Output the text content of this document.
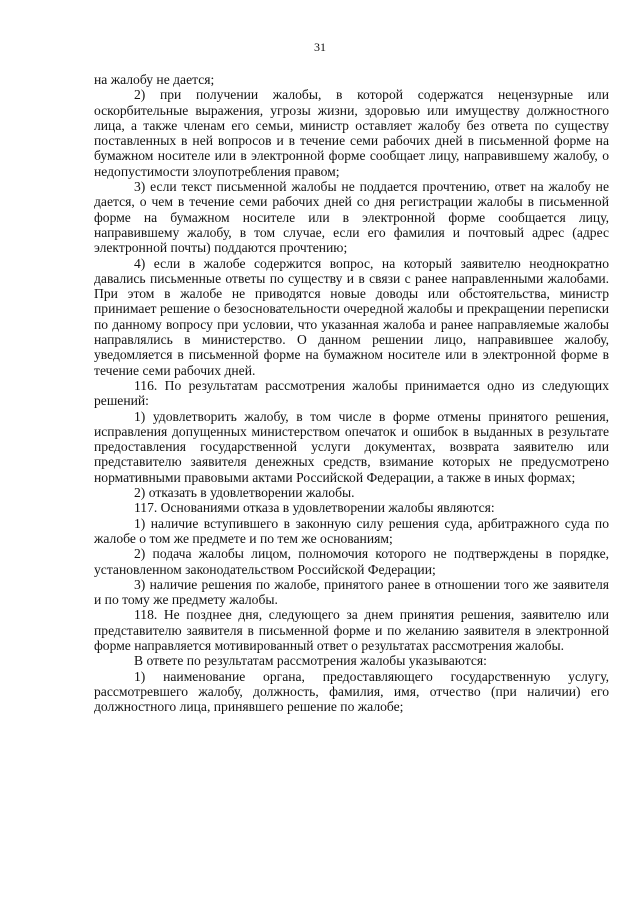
31

на жалобу не дается;

2) при получении жалобы, в которой содержатся нецензурные или оскорбительные выражения, угрозы жизни, здоровью или имуществу должностного лица, а также членам его семьи, министр оставляет жалобу без ответа по существу поставленных в ней вопросов и в течение семи рабочих дней в письменной форме на бумажном носителе или в электронной форме сообщает лицу, направившему жалобу, о недопустимости злоупотребления правом;

3) если текст письменной жалобы не поддается прочтению, ответ на жалобу не дается, о чем в течение семи рабочих дней со дня регистрации жалобы в письменной форме на бумажном носителе или в электронной форме сообщается лицу, направившему жалобу, в том случае, если его фамилия и почтовый адрес (адрес электронной почты) поддаются прочтению;

4) если в жалобе содержится вопрос, на который заявителю неоднократно давались письменные ответы по существу и в связи с ранее направленными жалобами. При этом в жалобе не приводятся новые доводы или обстоятельства, министр принимает решение о безосновательности очередной жалобы и прекращении переписки по данному вопросу при условии, что указанная жалоба и ранее направляемые жалобы направлялись в министерство. О данном решении лицо, направившее жалобу, уведомляется в письменной форме на бумажном носителе или в электронной форме в течение семи рабочих дней.

116. По результатам рассмотрения жалобы принимается одно из следующих решений:

1) удовлетворить жалобу, в том числе в форме отмены принятого решения, исправления допущенных министерством опечаток и ошибок в выданных в результате предоставления государственной услуги документах, возврата заявителю или представителю заявителя денежных средств, взимание которых не предусмотрено нормативными правовыми актами Российской Федерации, а также в иных формах;

2) отказать в удовлетворении жалобы.

117. Основаниями отказа в удовлетворении жалобы являются:

1) наличие вступившего в законную силу решения суда, арбитражного суда по жалобе о том же предмете и по тем же основаниям;

2) подача жалобы лицом, полномочия которого не подтверждены в порядке, установленном законодательством Российской Федерации;

3) наличие решения по жалобе, принятого ранее в отношении того же заявителя и по тому же предмету жалобы.

118. Не позднее дня, следующего за днем принятия решения, заявителю или представителю заявителя в письменной форме и по желанию заявителя в электронной форме направляется мотивированный ответ о результатах рассмотрения жалобы.

В ответе по результатам рассмотрения жалобы указываются:

1) наименование органа, предоставляющего государственную услугу, рассмотревшего жалобу, должность, фамилия, имя, отчество (при наличии) его должностного лица, принявшего решение по жалобе;
